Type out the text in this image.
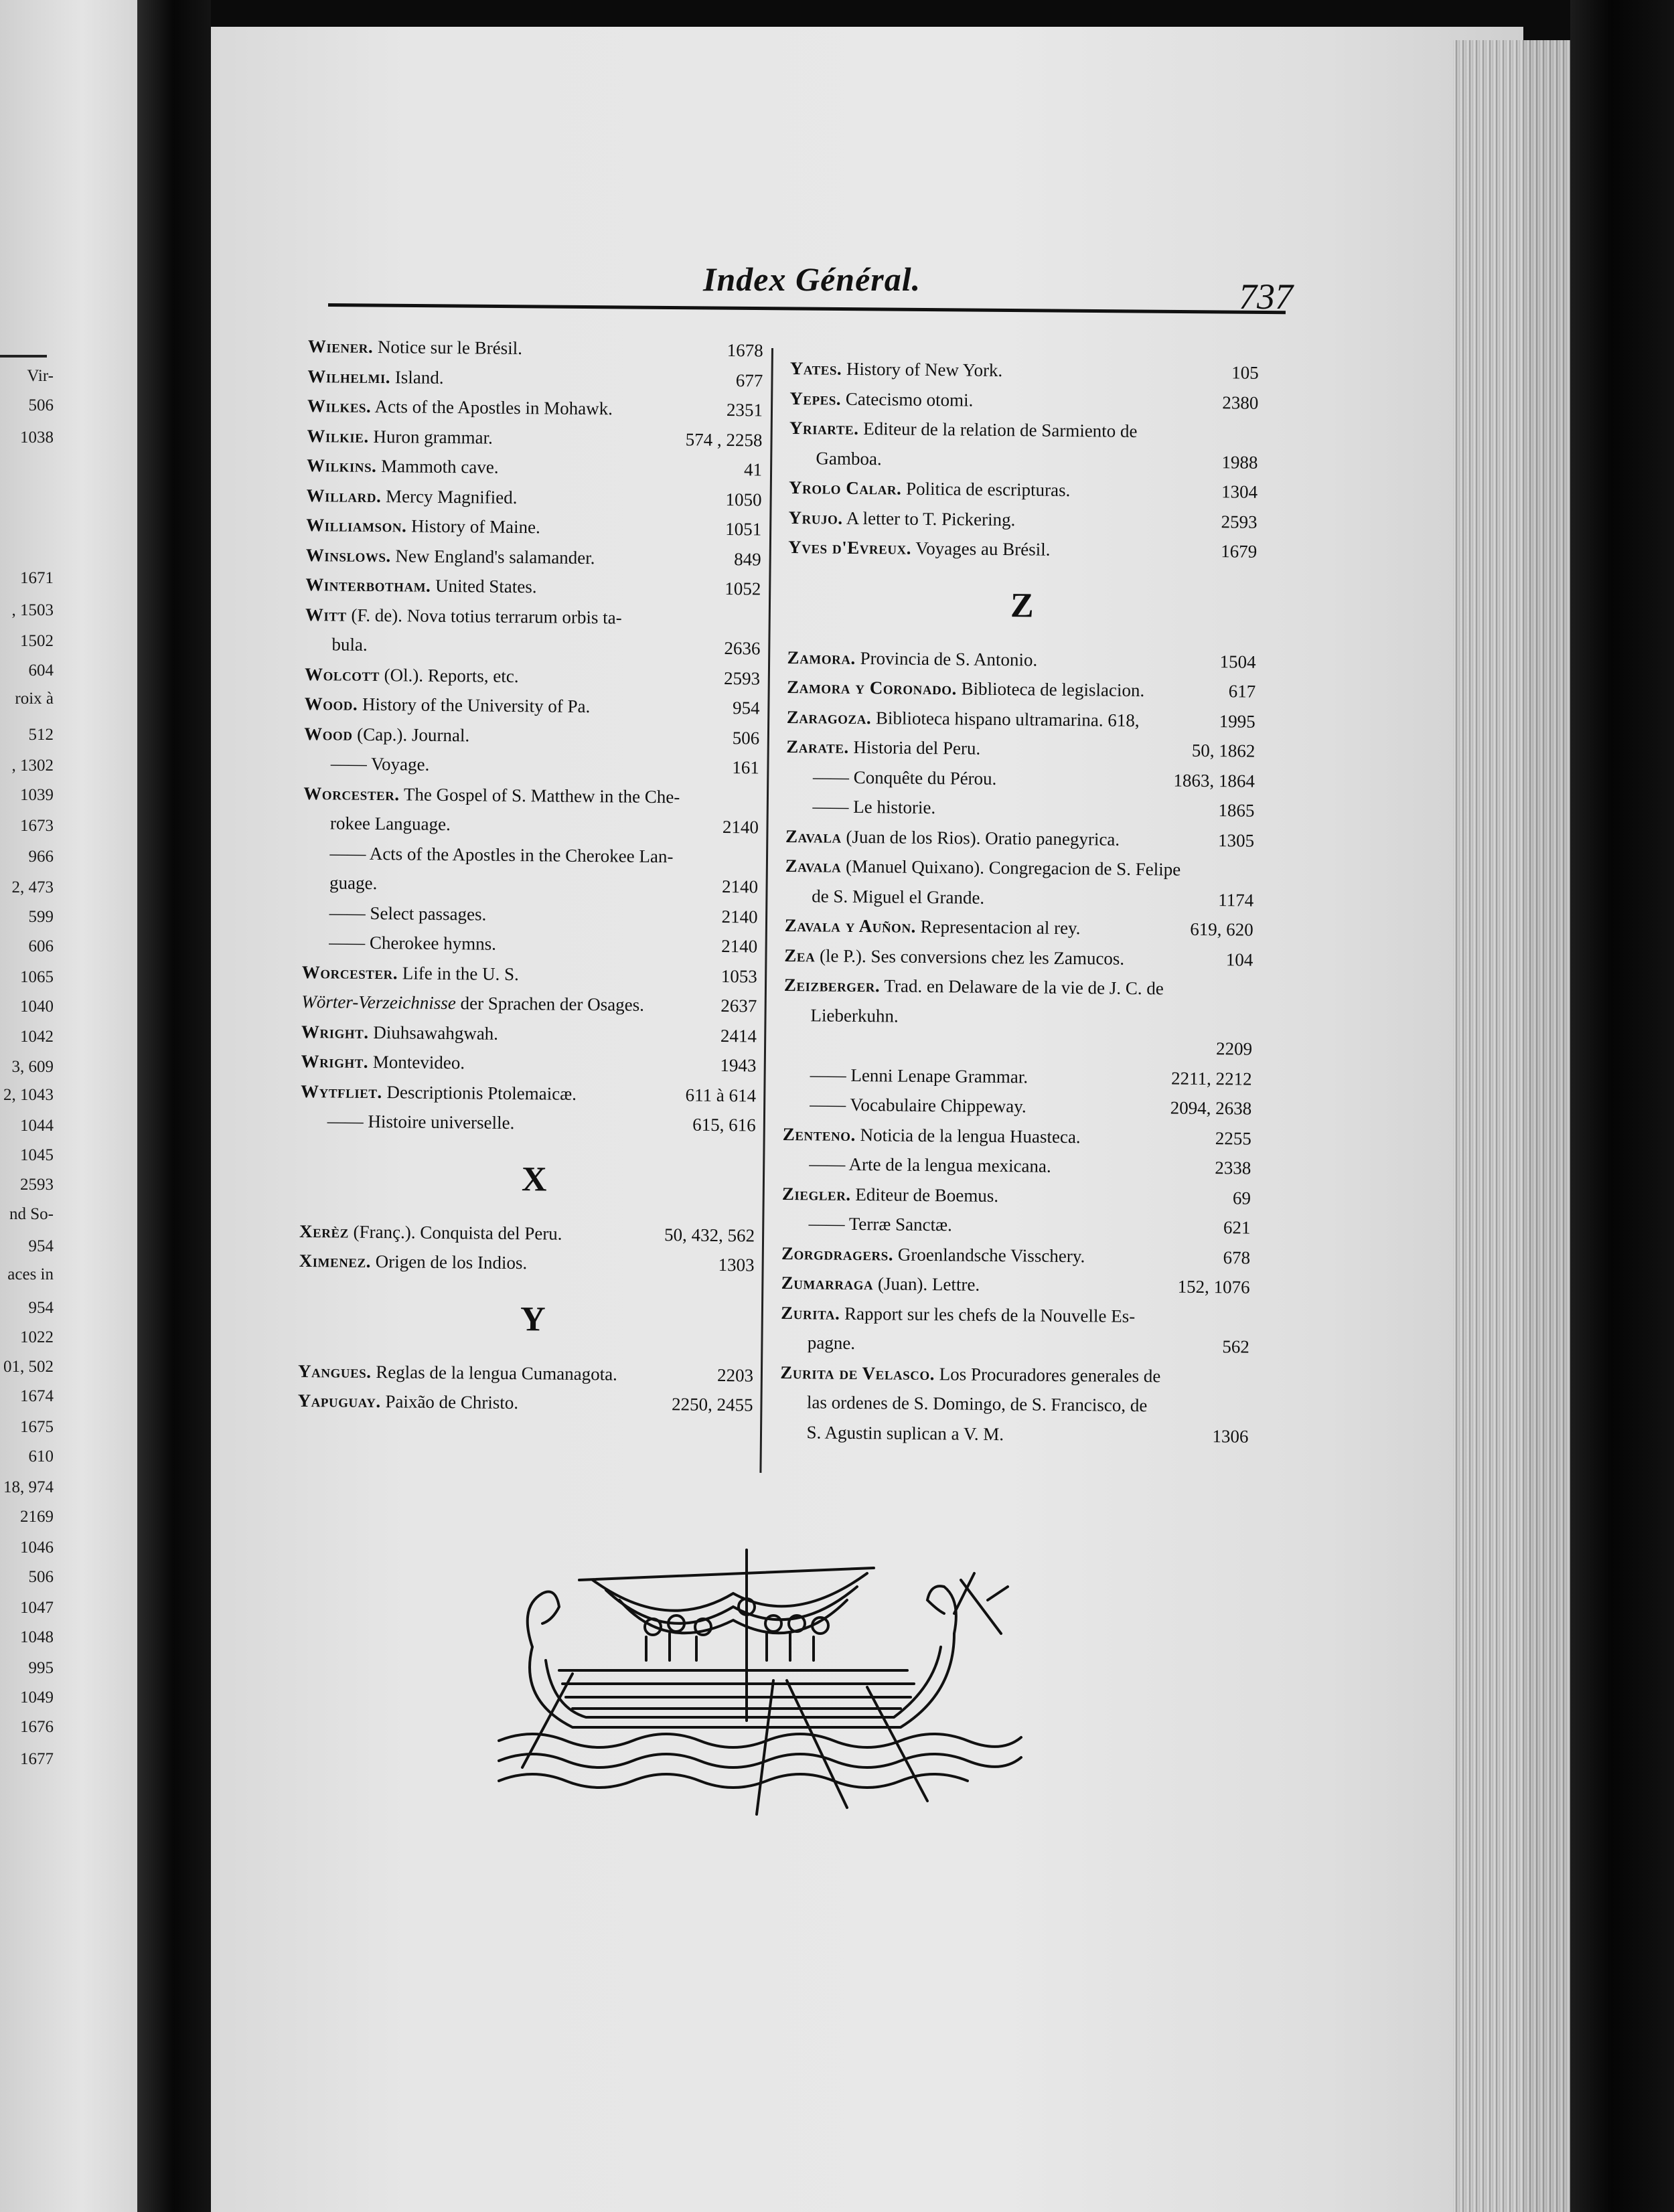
Vir-
506
1038
1671
, 1503
1502
604
roix à
512
, 1302
1039
1673
966
2, 473
599
606
1065
1040
1042
3, 609
2, 1043
1044
1045
2593
nd So-
954
aces in
954
1022
01, 502
1674
1675
610
18, 974
2169
1046
506
1047
1048
995
1049
1676
1677
Index Général.	737
Wiener. Notice sur le Brésil.	1678
Wilhelmi. Island.	677
Wilkes. Acts of the Apostles in Mohawk.	2351
Wilkie. Huron grammar.	574 , 2258
Wilkins. Mammoth cave.	41
Willard. Mercy Magnified.	1050
Williamson. History of Maine.	1051
Winslows. New England's salamander.	849
Winterbotham. United States.	1052
Witt (F. de). Nova totius terrarum orbis ta-
bula.	2636
Wolcott (Ol.). Reports, etc.	2593
Wood. History of the University of Pa.	954
Wood (Cap.). Journal.	506
—— Voyage.	161
Worcester. The Gospel of S. Matthew in the Che-
rokee Language.	2140
—— Acts of the Apostles in the Cherokee Lan-
guage.	2140
—— Select passages.	2140
—— Cherokee hymns.	2140
Worcester. Life in the U. S.	1053
Wörter-Verzeichnisse der Sprachen der Osages.	2637
Wright. Diuhsawahgwah.	2414
Wright. Montevideo.	1943
Wytfliet. Descriptionis Ptolemaicæ.	611 à 614
—— Histoire universelle.	615, 616
X
Xerèz (Franç.). Conquista del Peru.	50, 432, 562
Ximenez. Origen de los Indios.	1303
Y
Yangues. Reglas de la lengua Cumanagota.	2203
Yapuguay. Paixão de Christo.	2250, 2455
Yates. History of New York.	105
Yepes. Catecismo otomi.	2380
Yriarte. Editeur de la relation de Sarmiento de
Gamboa.	1988
Yrolo Calar. Politica de escripturas.	1304
Yrujo. A letter to T. Pickering.	2593
Yves d'Evreux. Voyages au Brésil.	1679
Z
Zamora. Provincia de S. Antonio.	1504
Zamora y Coronado. Biblioteca de legislacion.	617
Zaragoza. Biblioteca hispano ultramarina. 618,	1995
Zarate. Historia del Peru.	50, 1862
—— Conquête du Pérou.	1863, 1864
—— Le historie.	1865
Zavala (Juan de los Rios). Oratio panegyrica.	1305
Zavala (Manuel Quixano). Congregacion de S. Felipe
de S. Miguel el Grande.	1174
Zavala y Auñon. Representacion al rey.	619, 620
Zea (le P.). Ses conversions chez les Zamucos.	104
Zeizberger. Trad. en Delaware de la vie de J. C. de
Lieberkuhn.
2209
—— Lenni Lenape Grammar.	2211, 2212
—— Vocabulaire Chippeway.	2094, 2638
Zenteno. Noticia de la lengua Huasteca.	2255
—— Arte de la lengua mexicana.	2338
Ziegler. Editeur de Boemus.	69
—— Terræ Sanctæ.	621
Zorgdragers. Groenlandsche Visschery.	678
Zumarraga (Juan). Lettre.	152, 1076
Zurita. Rapport sur les chefs de la Nouvelle Es-
pagne.	562
Zurita de Velasco. Los Procuradores generales de
las ordenes de S. Domingo, de S. Francisco, de
S. Agustin suplican a V. M.	1306
